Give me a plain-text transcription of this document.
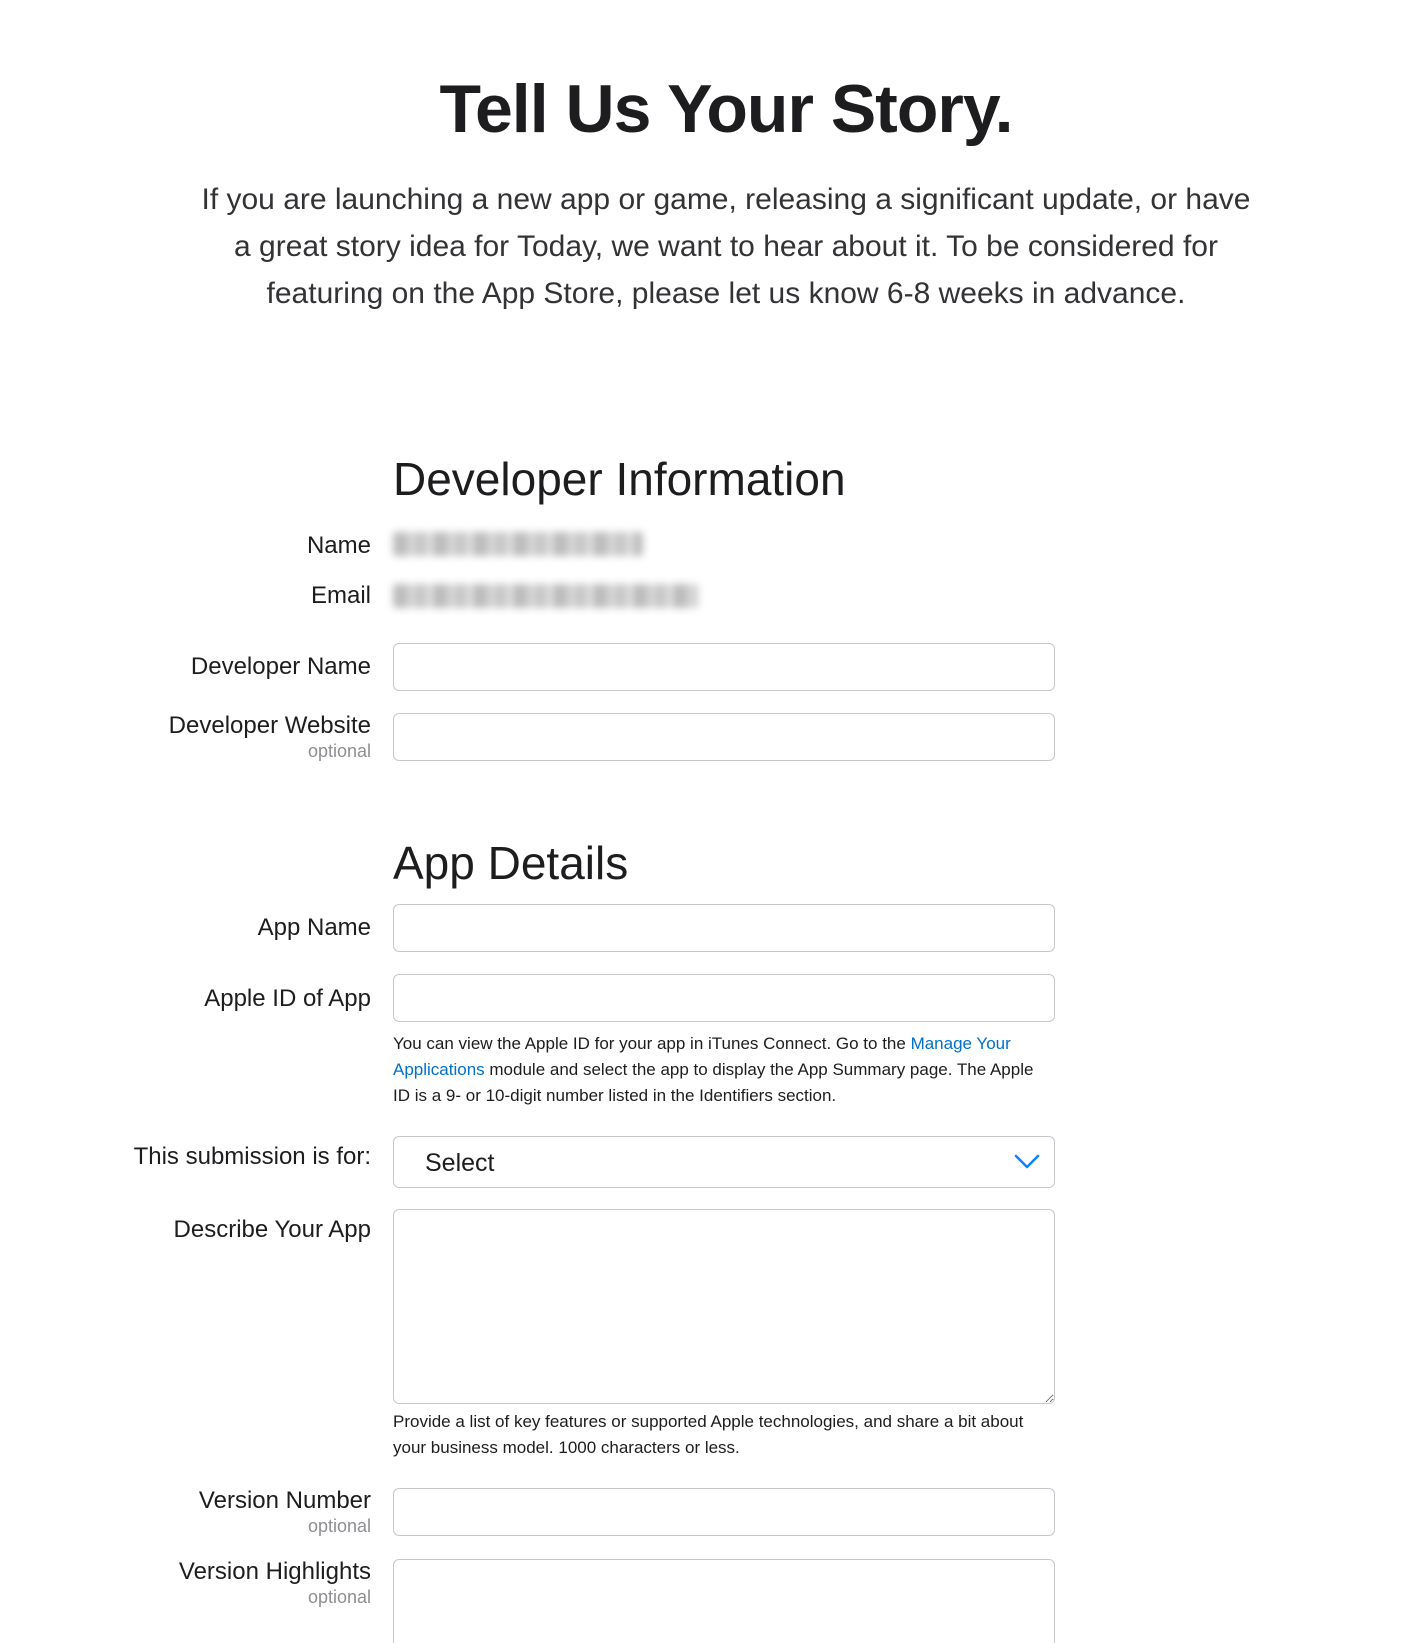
Tell Us Your Story.

If you are launching a new app or game, releasing a significant update, or have a great story idea for Today, we want to hear about it. To be considered for featuring on the App Store, please let us know 6-8 weeks in advance.

Developer Information
Name
Email
Developer Name
Developer Website
optional
App Details
App Name
Apple ID of App

You can view the Apple ID for your app in iTunes Connect. Go to the Manage Your Applications module and select the app to display the App Summary page. The Apple ID is a 9- or 10-digit number listed in the Identifiers section.

This submission is for: Select
Describe Your App

Provide a list of key features or supported Apple technologies, and share a bit about your business model. 1000 characters or less.

Version Number
optional
Version Highlights
optional
